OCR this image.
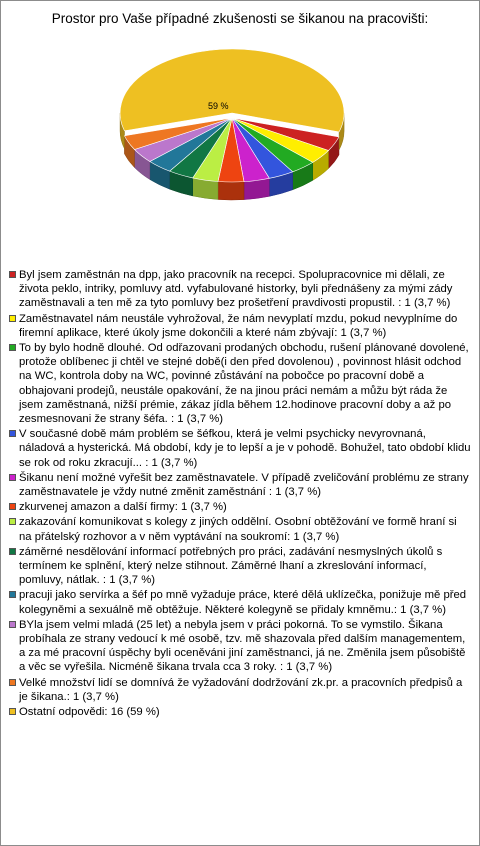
Prostor pro Vaše případné zkušenosti se šikanou na pracovišti:
59 %
Byl jsem zaměstnán na dpp, jako pracovník na recepci. Spolupracovnice mi dělali, ze života peklo, intriky, pomluvy atd. vyfabulované historky, byli přednášeny za mými zády zaměstnavali a ten mě za tyto pomluvy bez prošetření pravdivosti propustil. : 1 (3,7 %)
Zaměstnavatel nám neustále vyhrožoval, že nám nevyplatí mzdu, pokud nevyplníme do firemní aplikace, které úkoly jsme dokončili a které nám zbývají: 1 (3,7 %)
To by bylo hodně dlouhé. Od odřazovani prodaných obchodu, rušení plánované dovolené, protože oblíbenec ji chtěl ve stejné době(i den před dovolenou) , povinnost hlásit odchod na WC, kontrola doby na WC, povinné zůstávání na pobočce po pracovní době a obhajovani prodejů, neustále opakování, že na jinou práci nemám a můžu být ráda že jsem zaměstnaná, nižší prémie, zákaz jídla během 12.hodinove pracovní doby a až po zesmesnovani že strany šéfa. : 1 (3,7 %)
V současné době mám problém se šéfkou, která je velmi psychicky nevyrovnaná, náladová a hysterická. Má období, kdy je to lepší a je v pohodě. Bohužel, tato období klidu se rok od roku zkracují... : 1 (3,7 %)
Šikanu není možné vyřešit bez zaměstnavatele. V případě zveličování problému ze strany zaměstnavatele je vždy nutné změnit zaměstnání : 1 (3,7 %)
zkurvenej amazon a další firmy: 1 (3,7 %)
zakazování komunikovat s kolegy z jiných oddělní. Osobní obtěžování ve formě hraní si na přátelský rozhovor a v něm vyptávání na soukromí: 1 (3,7 %)
záměrné nesdělování informací potřebných pro práci, zadávání nesmyslných úkolů s termínem ke splnění, který nelze stihnout. Záměrné lhaní a zkreslování informací, pomluvy, nátlak. : 1 (3,7 %)
pracuji jako servírka a šéf po mně vyžaduje práce, které dělá uklízečka, ponižuje mě před kolegyněmi a sexuálně mě obtěžuje. Některé kolegyně se přidaly kmněmu.: 1 (3,7 %)
BYla jsem velmi mladá (25 let) a nebyla jsem v práci pokorná. To se vymstilo. Šikana probíhala ze strany vedoucí k mé osobě, tzv. mě shazovala před dalším managementem, a za mé pracovní úspěchy byli oceněváni jiní zaměstnanci, já ne. Změnila jsem působiště a věc se vyřešila. Nicméně šikana trvala cca 3 roky. : 1 (3,7 %)
Velké množství lidí se domnívá že vyžadování dodržování zk.pr. a pracovních předpisů a je šikana.: 1 (3,7 %)
Ostatní odpovědi: 16 (59 %)
